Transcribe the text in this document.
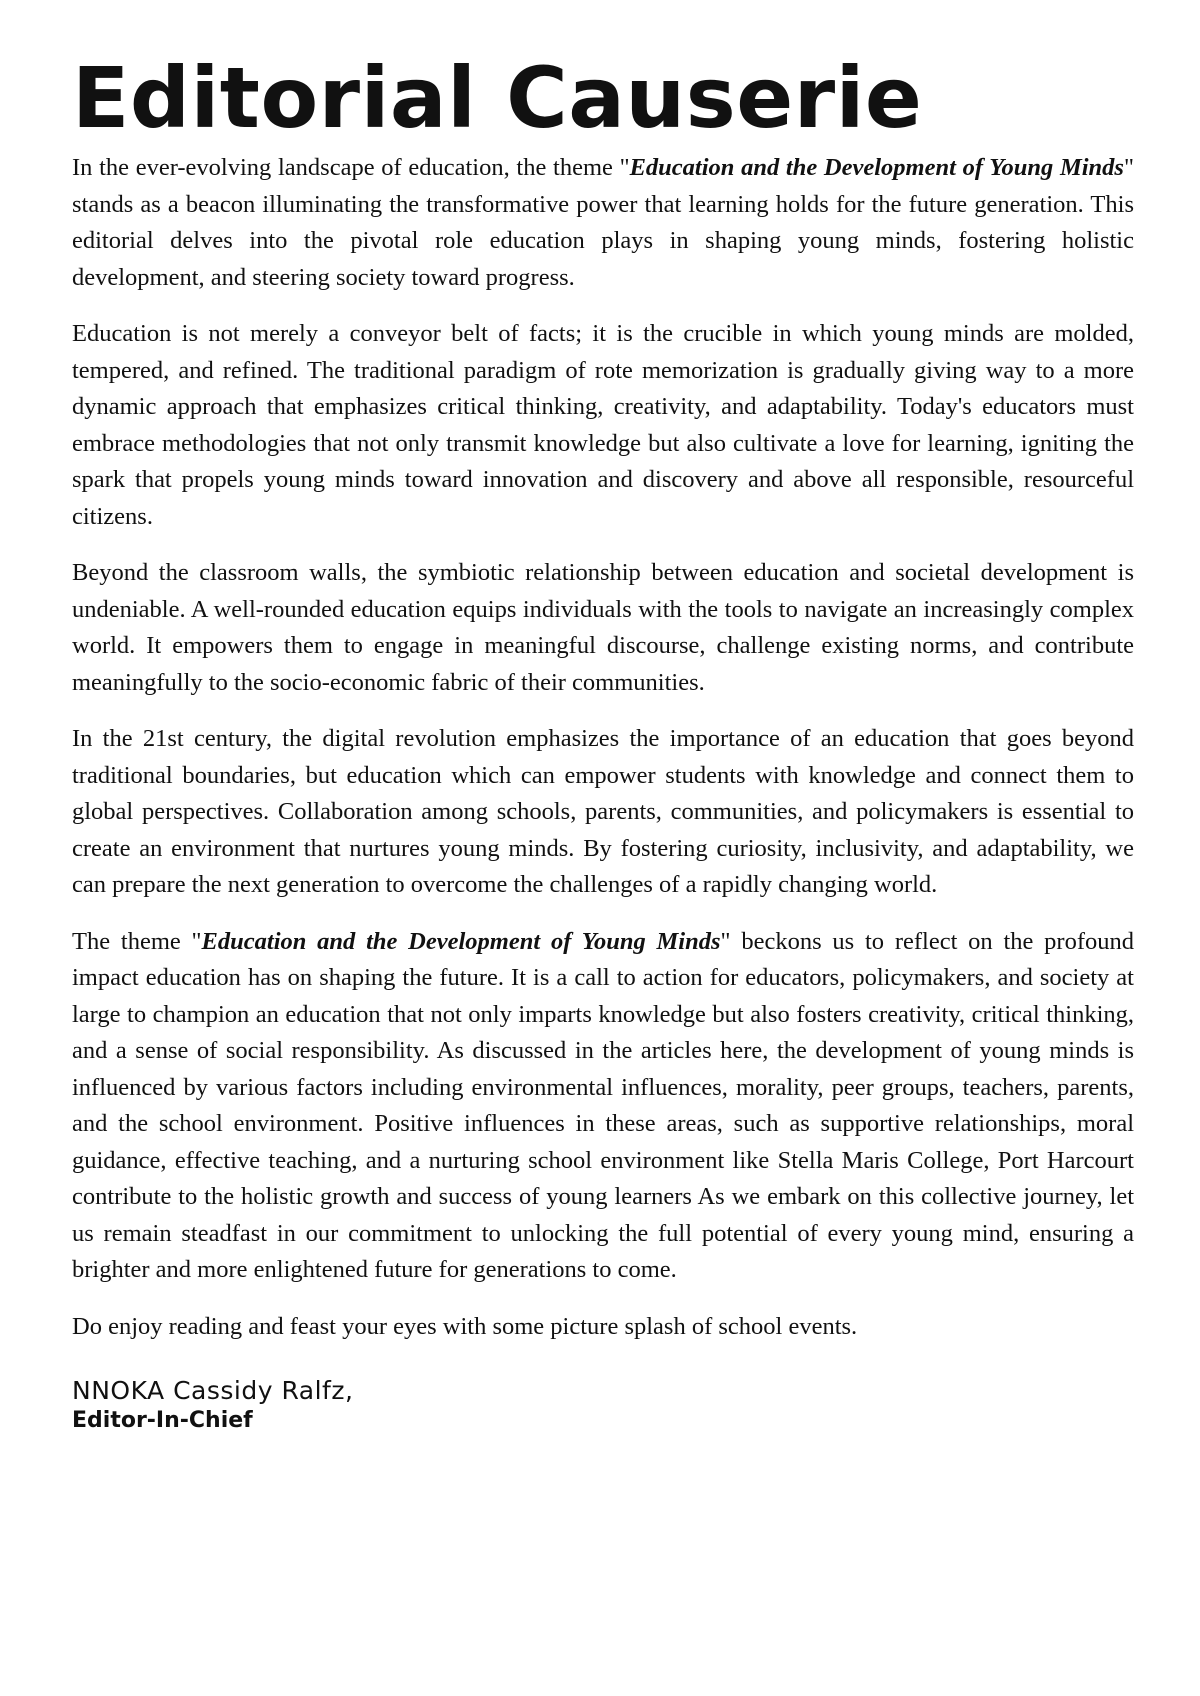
Editorial Causerie

In the ever-evolving landscape of education, the theme "Education and the Development of Young Minds" stands as a beacon illuminating the transformative power that learning holds for the future generation. This editorial delves into the pivotal role education plays in shaping young minds, fostering holistic development, and steering society toward progress.

Education is not merely a conveyor belt of facts; it is the crucible in which young minds are molded, tempered, and refined. The traditional paradigm of rote memorization is gradually giving way to a more dynamic approach that emphasizes critical thinking, creativity, and adaptability. Today's educators must embrace methodologies that not only transmit knowledge but also cultivate a love for learning, igniting the spark that propels young minds toward innovation and discovery and above all responsible, resourceful citizens.

Beyond the classroom walls, the symbiotic relationship between education and societal development is undeniable. A well-rounded education equips individuals with the tools to navigate an increasingly complex world. It empowers them to engage in meaningful discourse, challenge existing norms, and contribute meaningfully to the socio-economic fabric of their communities.

In the 21st century, the digital revolution emphasizes the importance of an education that goes beyond traditional boundaries, but education which can empower students with knowledge and connect them to global perspectives. Collaboration among schools, parents, communities, and policymakers is essential to create an environment that nurtures young minds. By fostering curiosity, inclusivity, and adaptability, we can prepare the next generation to overcome the challenges of a rapidly changing world.

The theme "Education and the Development of Young Minds" beckons us to reflect on the profound impact education has on shaping the future. It is a call to action for educators, policymakers, and society at large to champion an education that not only imparts knowledge but also fosters creativity, critical thinking, and a sense of social responsibility. As discussed in the articles here, the development of young minds is influenced by various factors including environmental influences, morality, peer groups, teachers, parents, and the school environment. Positive influences in these areas, such as supportive relationships, moral guidance, effective teaching, and a nurturing school environment like Stella Maris College, Port Harcourt contribute to the holistic growth and success of young learners As we embark on this collective journey, let us remain steadfast in our commitment to unlocking the full potential of every young mind, ensuring a brighter and more enlightened future for generations to come.

Do enjoy reading and feast your eyes with some picture splash of school events.

NNOKA Cassidy Ralfz,
Editor-In-Chief
